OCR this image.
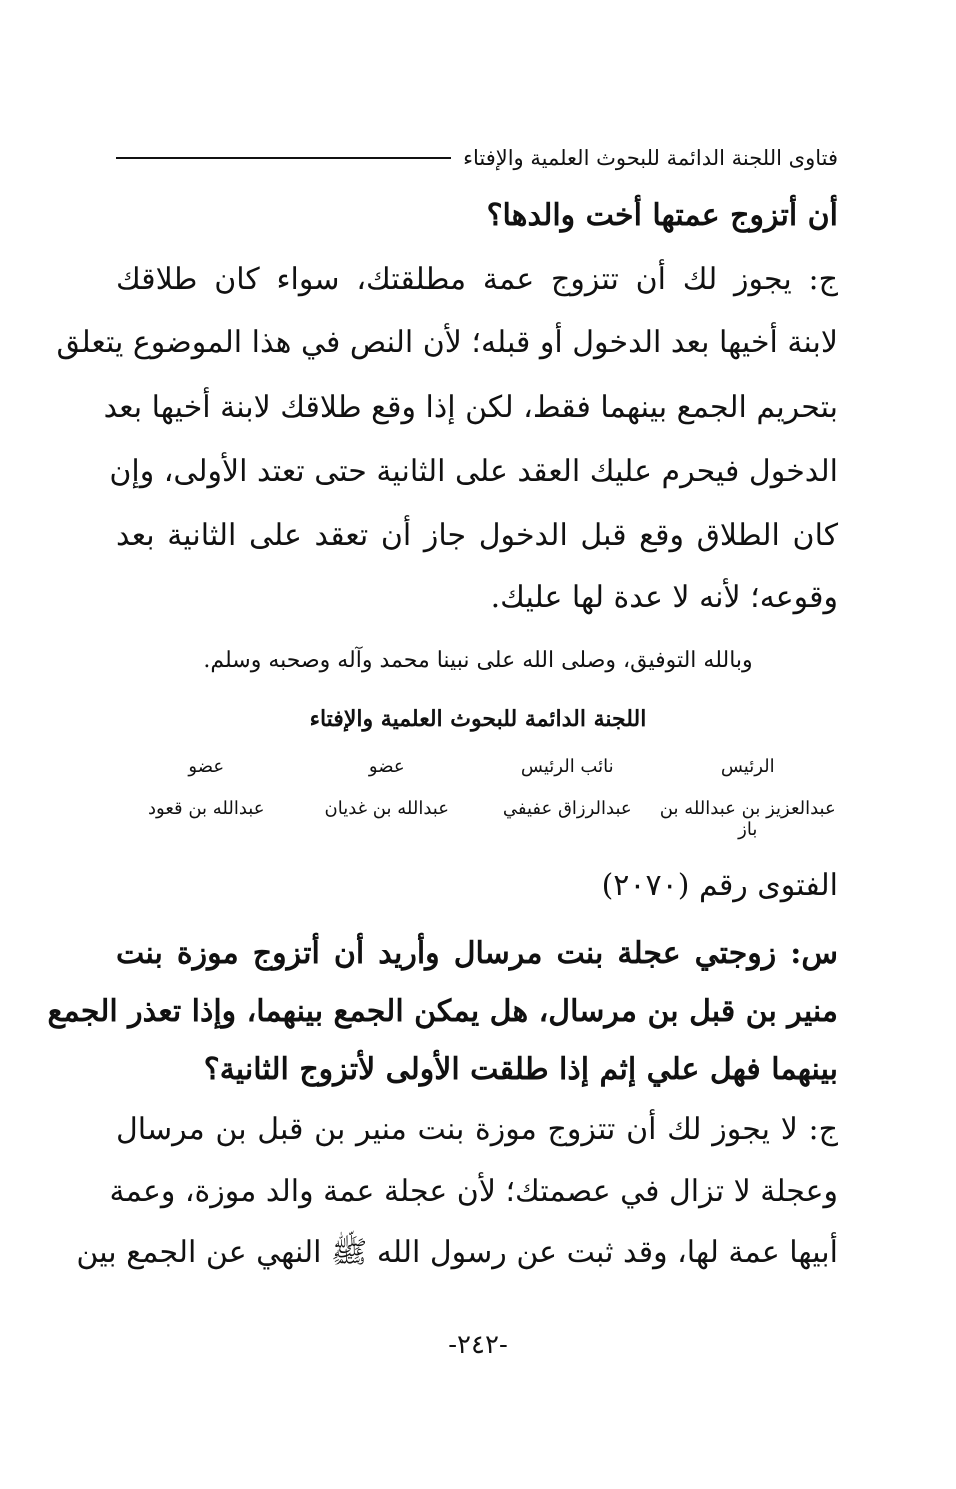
فتاوى اللجنة الدائمة للبحوث العلمية والإفتاء
أن أتزوج عمتها أخت والدها؟
ج: يجوز لك أن تتزوج عمة مطلقتك، سواء كان طلاقك
لابنة أخيها بعد الدخول أو قبله؛ لأن النص في هذا الموضوع يتعلق
بتحريم الجمع بينهما فقط، لكن إذا وقع طلاقك لابنة أخيها بعد
الدخول فيحرم عليك العقد على الثانية حتى تعتد الأولى، وإن
كان الطلاق وقع قبل الدخول جاز أن تعقد على الثانية بعد
وقوعه؛ لأنه لا عدة لها عليك.
وبالله التوفيق، وصلى الله على نبينا محمد وآله وصحبه وسلم.
اللجنة الدائمة للبحوث العلمية والإفتاء
الرئيس
نائب الرئيس
عضو
عضو
عبدالعزيز بن عبدالله بن باز
عبدالرزاق عفيفي
عبدالله بن غديان
عبدالله بن قعود
الفتوى رقم (٢٠٧٠)
س: زوجتي عجلة بنت مرسال وأريد أن أتزوج موزة بنت
منير بن قبل بن مرسال، هل يمكن الجمع بينهما، وإذا تعذر الجمع
بينهما فهل علي إثم إذا طلقت الأولى لأتزوج الثانية؟
ج: لا يجوز لك أن تتزوج موزة بنت منير بن قبل بن مرسال
وعجلة لا تزال في عصمتك؛ لأن عجلة عمة والد موزة، وعمة
أبيها عمة لها، وقد ثبت عن رسول الله ﷺ النهي عن الجمع بين
-٢٤٢-
